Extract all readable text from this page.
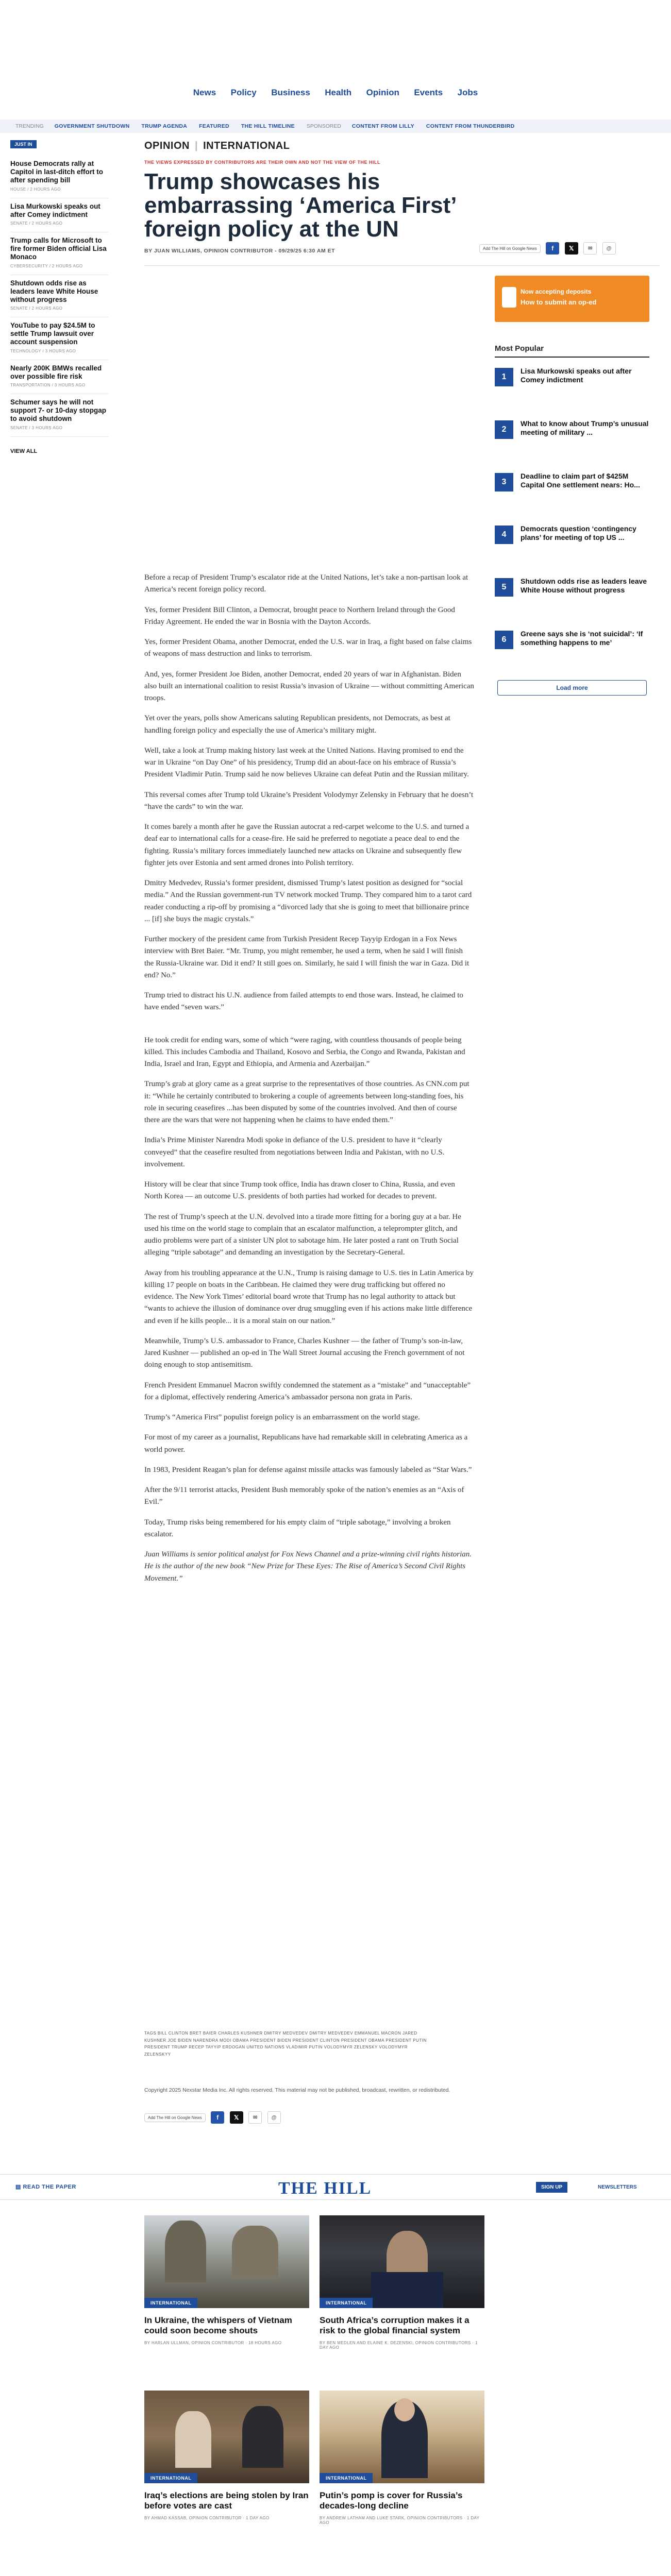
News Policy Business Health Opinion Events Jobs
TRENDING GOVERNMENT SHUTDOWN TRUMP AGENDA FEATURED THE HILL TIMELINE SPONSORED CONTENT FROM LILLY CONTENT FROM THUNDERBIRD
JUST IN
House Democrats rally at Capitol in last-ditch effort to after spending bill

HOUSE / 2 HOURS AGO

Lisa Murkowski speaks out after Comey indictment

SENATE / 2 HOURS AGO

Trump calls for Microsoft to fire former Biden official Lisa Monaco

CYBERSECURITY / 2 HOURS AGO

Shutdown odds rise as leaders leave White House without progress

SENATE / 2 HOURS AGO

YouTube to pay $24.5M to settle Trump lawsuit over account suspension

TECHNOLOGY / 3 HOURS AGO

Nearly 200K BMWs recalled over possible fire risk

TRANSPORTATION / 3 HOURS AGO

Schumer says he will not support 7- or 10-day stopgap to avoid shutdown

SENATE / 3 HOURS AGO

VIEW ALL
OPINION | INTERNATIONAL
THE VIEWS EXPRESSED BY CONTRIBUTORS ARE THEIR OWN AND NOT THE VIEW OF THE HILL
Trump showcases his embarrassing ‘America First’ foreign policy at the UN
BY JUAN WILLIAMS, OPINION CONTRIBUTOR - 09/29/25 6:30 AM ET	Add The Hill on Google News f 𝕏	✉	@
Now accepting deposits
How to submit an op-ed
Most Popular
1
Lisa Murkowski speaks out after Comey indictment
2
What to know about Trump’s unusual meeting of military ...
3
Deadline to claim part of $425M Capital One settlement nears: Ho...
4
Democrats question ‘contingency plans’ for meeting of top US ...
5
Shutdown odds rise as leaders leave White House without progress
6
Greene says she is ‘not suicidal’: ‘If something happens to me’
Load more

Before a recap of President Trump’s escalator ride at the United Nations, let’s take a non-partisan look at America’s recent foreign policy record.

Yes, former President Bill Clinton, a Democrat, brought peace to Northern Ireland through the Good Friday Agreement. He ended the war in Bosnia with the Dayton Accords.

Yes, former President Obama, another Democrat, ended the U.S. war in Iraq, a fight based on false claims of weapons of mass destruction and links to terrorism.

And, yes, former President Joe Biden, another Democrat, ended 20 years of war in Afghanistan. Biden also built an international coalition to resist Russia’s invasion of Ukraine — without committing American troops.

Yet over the years, polls show Americans saluting Republican presidents, not Democrats, as best at handling foreign policy and especially the use of America’s military might.

Well, take a look at Trump making history last week at the United Nations. Having promised to end the war in Ukraine “on Day One” of his presidency, Trump did an about-face on his embrace of Russia’s President Vladimir Putin. Trump said he now believes Ukraine can defeat Putin and the Russian military.

This reversal comes after Trump told Ukraine’s President Volodymyr Zelensky in February that he doesn’t “have the cards” to win the war.

It comes barely a month after he gave the Russian autocrat a red-carpet welcome to the U.S. and turned a deaf ear to international calls for a cease-fire. He said he preferred to negotiate a peace deal to end the fighting. Russia’s military forces immediately launched new attacks on Ukraine and subsequently flew fighter jets over Estonia and sent armed drones into Polish territory.

Dmitry Medvedev, Russia’s former president, dismissed Trump’s latest position as designed for “social media.” And the Russian government-run TV network mocked Trump. They compared him to a tarot card reader conducting a rip-off by promising a “divorced lady that she is going to meet that billionaire prince ... [if] she buys the magic crystals.”

Further mockery of the president came from Turkish President Recep Tayyip Erdogan in a Fox News interview with Bret Baier. “Mr. Trump, you might remember, he used a term, when he said I will finish the Russia-Ukraine war. Did it end? It still goes on. Similarly, he said I will finish the war in Gaza. Did it end? No.”

Trump tried to distract his U.N. audience from failed attempts to end those wars. Instead, he claimed to have ended “seven wars.”

He took credit for ending wars, some of which “were raging, with countless thousands of people being killed. This includes Cambodia and Thailand, Kosovo and Serbia, the Congo and Rwanda, Pakistan and India, Israel and Iran, Egypt and Ethiopia, and Armenia and Azerbaijan.”

Trump’s grab at glory came as a great surprise to the representatives of those countries. As CNN.com put it: “While he certainly contributed to brokering a couple of agreements between long-standing foes, his role in securing ceasefires ...has been disputed by some of the countries involved. And then of course there are the wars that were not happening when he claims to have ended them.”

India’s Prime Minister Narendra Modi spoke in defiance of the U.S. president to have it “clearly conveyed” that the ceasefire resulted from negotiations between India and Pakistan, with no U.S. involvement.

History will be clear that since Trump took office, India has drawn closer to China, Russia, and even North Korea — an outcome U.S. presidents of both parties had worked for decades to prevent.

The rest of Trump’s speech at the U.N. devolved into a tirade more fitting for a boring guy at a bar. He used his time on the world stage to complain that an escalator malfunction, a teleprompter glitch, and audio problems were part of a sinister UN plot to sabotage him. He later posted a rant on Truth Social alleging “triple sabotage” and demanding an investigation by the Secretary-General.

Away from his troubling appearance at the U.N., Trump is raising damage to U.S. ties in Latin America by killing 17 people on boats in the Caribbean. He claimed they were drug trafficking but offered no evidence. The New York Times’ editorial board wrote that Trump has no legal authority to attack but “wants to achieve the illusion of dominance over drug smuggling even if his actions make little difference and even if he kills people... it is a moral stain on our nation.”

Meanwhile, Trump’s U.S. ambassador to France, Charles Kushner — the father of Trump’s son-in-law, Jared Kushner — published an op-ed in The Wall Street Journal accusing the French government of not doing enough to stop antisemitism.

French President Emmanuel Macron swiftly condemned the statement as a “mistake” and “unacceptable” for a diplomat, effectively rendering America’s ambassador persona non grata in Paris.

Trump’s “America First” populist foreign policy is an embarrassment on the world stage.

For most of my career as a journalist, Republicans have had remarkable skill in celebrating America as a world power.

In 1983, President Reagan’s plan for defense against missile attacks was famously labeled as “Star Wars.”

After the 9/11 terrorist attacks, President Bush memorably spoke of the nation’s enemies as an “Axis of Evil.”

Today, Trump risks being remembered for his empty claim of “triple sabotage,” involving a broken escalator.

Juan Williams is senior political analyst for Fox News Channel and a prize-winning civil rights historian. He is the author of the new book “New Prize for These Eyes: The Rise of America’s Second Civil Rights Movement.”

TAGS BILL CLINTON BRET BAIER CHARLES KUSHNER DMITRY MEDVEDEV DMITRY MEDVEDEV EMMANUEL MACRON JARED KUSHNER JOE BIDEN NARENDRA MODI OBAMA PRESIDENT BIDEN PRESIDENT CLINTON PRESIDENT OBAMA PRESIDENT PUTIN PRESIDENT TRUMP RECEP TAYYIP ERDOGAN UNITED NATIONS VLADIMIR PUTIN VOLODYMYR ZELENSKY VOLODYMYR ZELENSKYY
Copyright 2025 Nexstar Media Inc. All rights reserved. This material may not be published, broadcast, rewritten, or redistributed.
Add The Hill on Google News f 𝕏	✉	@
▤ READ THE PAPER	THE HILL	SIGN UP	NEWSLETTERS
INTERNATIONAL
In Ukraine, the whispers of Vietnam could soon become shouts

BY HARLAN ULLMAN, OPINION CONTRIBUTOR · 18 HOURS AGO

INTERNATIONAL
South Africa’s corruption makes it a risk to the global financial system

BY BEN MEDLEN AND ELAINE K. DEZENSKI, OPINION CONTRIBUTORS · 1 DAY AGO

INTERNATIONAL
Iraq’s elections are being stolen by Iran before votes are cast

BY AHMAD KASSAB, OPINION CONTRIBUTOR · 1 DAY AGO

INTERNATIONAL
Putin’s pomp is cover for Russia’s decades-long decline

BY ANDREW LATHAM AND LUKE STARK, OPINION CONTRIBUTORS · 1 DAY AGO
